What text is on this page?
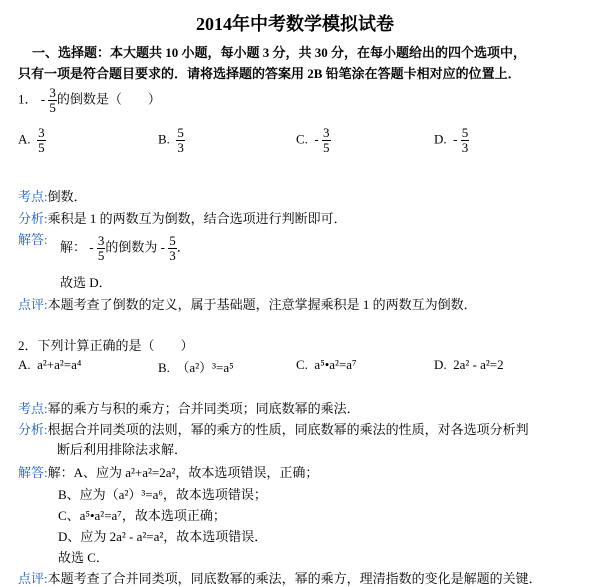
2014年中考数学模拟试卷
一、选择题：本大题共 10 小题，每小题 3 分，共 30 分，在每小题给出的四个选项中，
只有一项是符合题目要求的．请将选择题的答案用 2B 铅笔涂在答题卡相对应的位置上．
1． - $\frac{3}{5}$ 的倒数是（　　）
A. $\frac{3}{5}$	B. $\frac{5}{3}$	C. - $\frac{3}{5}$	D. - $\frac{5}{3}$
考点:倒数．
分析:乘积是 1 的两数互为倒数，结合选项进行判断即可．
解答: 解： - $\frac{3}{5}$ 的倒数为 - $\frac{5}{3}$ ．
故选 D．
点评:本题考查了倒数的定义，属于基础题，注意掌握乘积是 1 的两数互为倒数．
2．下列计算正确的是（　　）
A. a²+a²=a⁴	B. （a²）³=a⁵	C. a⁵•a²=a⁷	D. 2a² - a²=2
考点:幂的乘方与积的乘方；合并同类项；同底数幂的乘法．
分析:根据合并同类项的法则，幂的乘方的性质，同底数幂的乘法的性质，对各选项分析判
断后利用排除法求解．
解答:解：A、应为 a²+a²=2a²，故本选项错误，正确；
B、应为（a²）³=a⁶，故本选项错误；
C、a⁵•a²=a⁷，故本选项正确；
D、应为 2a² - a²=a²，故本选项错误．
故选 C．
点评:本题考查了合并同类项，同底数幂的乘法，幂的乘方，理清指数的变化是解题的关键．
